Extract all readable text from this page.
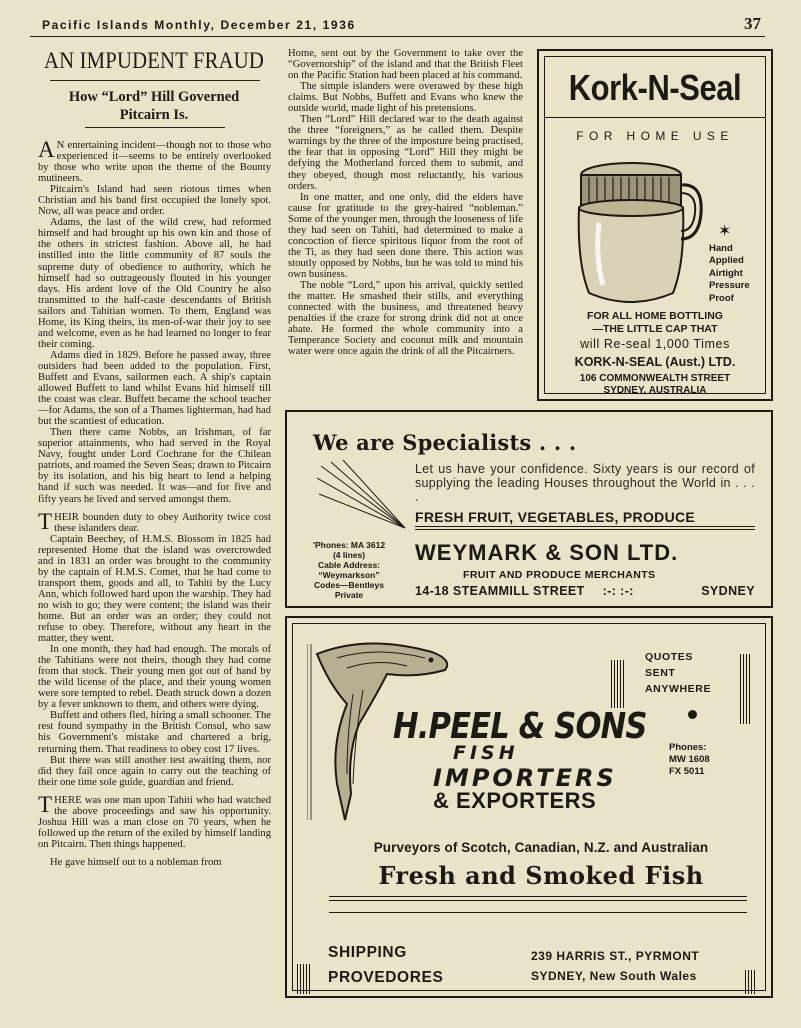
Pacific Islands Monthly, December 21, 1936	37
AN IMPUDENT FRAUD
How “Lord” Hill Governed
Pitcairn Is.

AN entertaining incident—though not to those who experienced it—seems to be entirely overlooked by those who write upon the theme of the Bounty mutineers.

Pitcairn's Island had seen riotous times when Christian and his band first occupied the lonely spot. Now, all was peace and order.

Adams, the last of the wild crew, had reformed himself and had brought up his own kin and those of the others in strictest fashion. Above all, he had instilled into the little community of 87 souls the supreme duty of obedience to authority, which he himself had so outrageously flouted in his younger days. His ardent love of the Old Country he also transmitted to the half-caste descendants of British sailors and Tahitian women. To them, England was Home, its King theirs, its men-of-war their joy to see and welcome, even as he had learned no longer to fear their coming.

Adams died in 1829. Before he passed away, three outsiders had been added to the population. First, Buffett and Evans, sailormen each. A ship's captain allowed Buffett to land whilst Evans hid himself till the coast was clear. Buffett became the school teacher—for Adams, the son of a Thames lighterman, had had but the scantiest of education.

Then there came Nobbs, an Irishman, of far superior attainments, who had served in the Royal Navy, fought under Lord Cochrane for the Chilean patriots, and roamed the Seven Seas; drawn to Pitcairn by its isolation, and his big heart to lend a helping hand if such was needed. It was—and for five and fifty years he lived and served amongst them.

THEIR bounden duty to obey Authority twice cost these islanders dear.

Captain Beechey, of H.M.S. Blossom in 1825 had represented Home that the island was overcrowded and in 1831 an order was brought to the community by the captain of H.M.S. Comet, that he had come to transport them, goods and all, to Tahiti by the Lucy Ann, which followed hard upon the warship. They had no wish to go; they were content; the island was their home. But an order was an order; they could not refuse to obey. Therefore, without any heart in the matter, they went.

In one month, they had had enough. The morals of the Tahitians were not theirs, though they had come from that stock. Their young men got out of hand by the wild license of the place, and their young women were sore tempted to rebel. Death struck down a dozen by a fever unknown to them, and others were dying.

Buffett and others fled, hiring a small schooner. The rest found sympathy in the British Consul, who saw his Government's mistake and chartered a brig, returning them. That readiness to obey cost 17 lives.

But there was still another test awaiting them, nor did they fail once again to carry out the teaching of their one time sole guide, guardian and friend.

THERE was one man upon Tahiti who had watched the above proceedings and saw his opportunity. Joshua Hill was a man close on 70 years, when he followed up the return of the exiled by himself landing on Pitcairn. Then things happened.

He gave himself out to a nobleman from

Home, sent out by the Government to take over the “Governorship” of the island and that the British Fleet on the Pacific Station had been placed at his command.

The simple islanders were overawed by these high claims. But Nobbs, Buffett and Evans who knew the outside world, made light of his pretensions.

Then “Lord” Hill declared war to the death against the three “foreigners,” as he called them. Despite warnings by the three of the imposture being practised, the fear that in opposing “Lord” Hill they might be defying the Motherland forced them to submit, and they obeyed, though most reluctantly, his various orders.

In one matter, and one only, did the elders have cause for gratitude to the grey-haired “nobleman.” Some of the younger men, through the looseness of life they had seen on Tahiti, had determined to make a concoction of fierce spiritous liquor from the root of the Ti, as they had seen done there. This action was stoutly opposed by Nobbs, but he was told to mind his own business.

The noble “Lord,” upon his arrival, quickly settled the matter. He smashed their stills, and everything connected with the business, and threatened heavy penalties if the craze for strong drink did not at once abate. He formed the whole community into a Temperance Society and coconut milk and mountain water were once again the drink of all the Pitcairners.

Kork-N-Seal
FOR HOME USE
✶
Hand
Applied
Airtight
Pressure
Proof
FOR ALL HOME BOTTLING
—THE LITTLE CAP THAT
will Re-seal 1,000 Times
KORK-N-SEAL (Aust.) LTD.
106 COMMONWEALTH STREET
SYDNEY, AUSTRALIA
We are Specialists . . .
Let us have your confidence. Sixty years is our record of supplying the leading Houses throughout the World in . . . .
FRESH FRUIT, VEGETABLES, PRODUCE
'Phones: MA 3612
(4 lines)
Cable Address:
“Weymarkson”
Codes—Bentleys
Private
WEYMARK & SON LTD.
FRUIT AND PRODUCE MERCHANTS
14-18 STEAMMILL STREET :-: :-:	SYDNEY
QUOTES
SENT
ANYWHERE
H.PEEL & SONS
FISH
IMPORTERS
& EXPORTERS
Phones:
MW 1608
FX 5011
Purveyors of Scotch, Canadian, N.Z. and Australian
Fresh and Smoked Fish
SHIPPING
PROVEDORES
239 HARRIS ST., PYRMONT
SYDNEY, New South Wales
